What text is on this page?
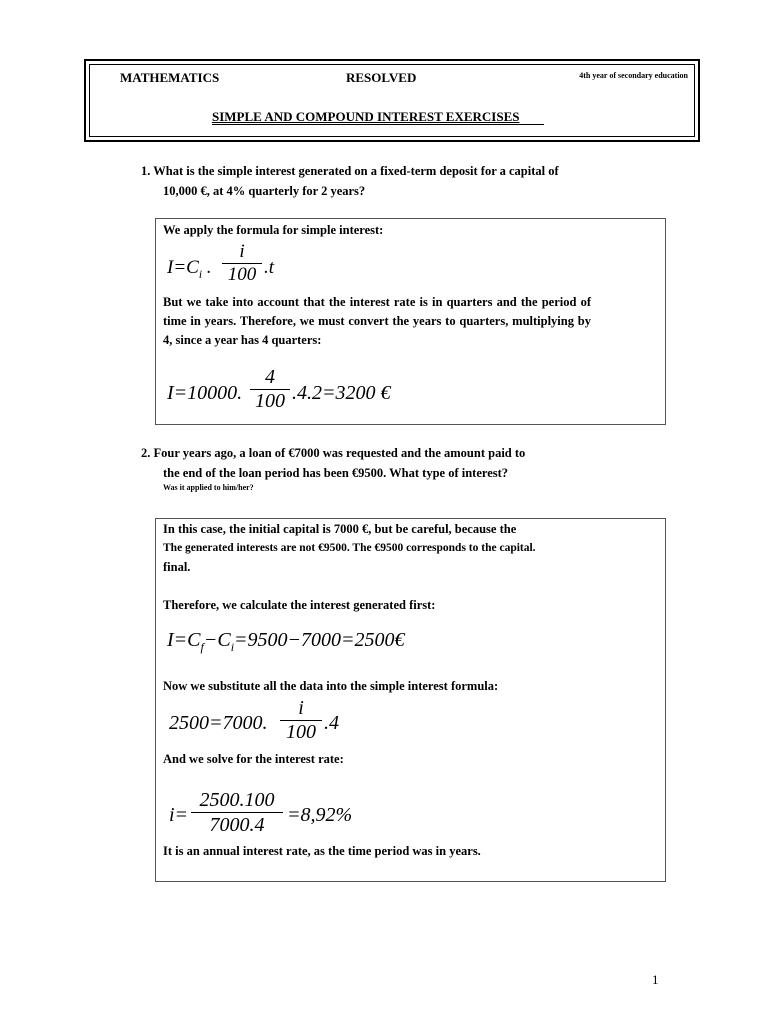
MATHEMATICS	RESOLVED	4th year of secondary education
SIMPLE AND COMPOUND INTEREST EXERCISES
1. What is the simple interest generated on a fixed-term deposit for a capital of
10,000 €, at 4% quarterly for 2 years?
We apply the formula for simple interest:
$I=C_i$ .
i
100 .t
But we take into account that the interest rate is in quarters and the period of time in years. Therefore, we must convert the years to quarters, multiplying by 4, since a year has 4 quarters:
I=10000.
4
100 .4.2=3200 €
2. Four years ago, a loan of €7000 was requested and the amount paid to
the end of the loan period has been €9500. What type of interest?
Was it applied to him/her?
In this case, the initial capital is 7000 €, but be careful, because the
The generated interests are not €9500. The €9500 corresponds to the capital.
final.
Therefore, we calculate the interest generated first:
$I=C_f-C_i=9500-7000=2500€$
Now we substitute all the data into the simple interest formula:
2500=7000.
i
100 .4
And we solve for the interest rate:
i=
2500.100
7000.4	=8,92%
It is an annual interest rate, as the time period was in years.
1
